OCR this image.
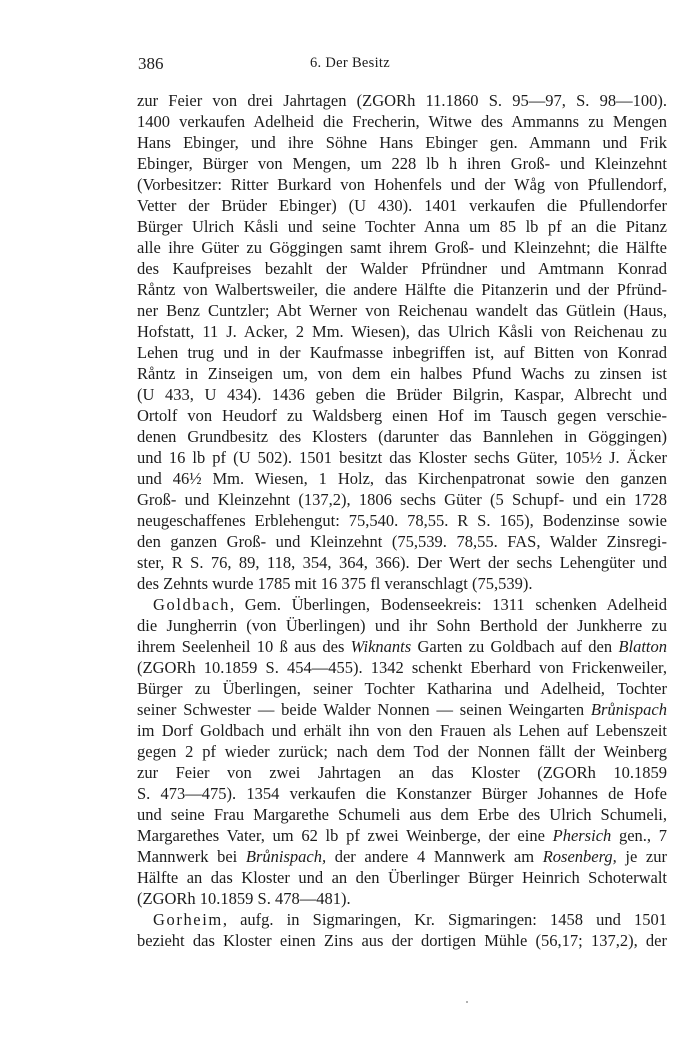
386	6. Der Besitz
zur Feier von drei Jahrtagen (ZGORh 11.1860 S. 95—97, S. 98—100).
1400 verkaufen Adelheid die Frecherin, Witwe des Ammanns zu Mengen
Hans Ebinger, und ihre Söhne Hans Ebinger gen. Ammann und Frik
Ebinger, Bürger von Mengen, um 228 lb h ihren Groß- und Kleinzehnt
(Vorbesitzer: Ritter Burkard von Hohenfels und der Wåg von Pfullendorf,
Vetter der Brüder Ebinger) (U 430). 1401 verkaufen die Pfullendorfer
Bürger Ulrich Kåsli und seine Tochter Anna um 85 lb pf an die Pitanz
alle ihre Güter zu Göggingen samt ihrem Groß- und Kleinzehnt; die Hälfte
des Kaufpreises bezahlt der Walder Pfründner und Amtmann Konrad
Råntz von Walbertsweiler, die andere Hälfte die Pitanzerin und der Pfründ-
ner Benz Cuntzler; Abt Werner von Reichenau wandelt das Gütlein (Haus,
Hofstatt, 11 J. Acker, 2 Mm. Wiesen), das Ulrich Kåsli von Reichenau zu
Lehen trug und in der Kaufmasse inbegriffen ist, auf Bitten von Konrad
Råntz in Zinseigen um, von dem ein halbes Pfund Wachs zu zinsen ist
(U 433, U 434). 1436 geben die Brüder Bilgrin, Kaspar, Albrecht und
Ortolf von Heudorf zu Waldsberg einen Hof im Tausch gegen verschie-
denen Grundbesitz des Klosters (darunter das Bannlehen in Göggingen)
und 16 lb pf (U 502). 1501 besitzt das Kloster sechs Güter, 105½ J. Äcker
und 46½ Mm. Wiesen, 1 Holz, das Kirchenpatronat sowie den ganzen
Groß- und Kleinzehnt (137,2), 1806 sechs Güter (5 Schupf- und ein 1728
neugeschaffenes Erblehengut: 75,540. 78,55. R S. 165), Bodenzinse sowie
den ganzen Groß- und Kleinzehnt (75,539. 78,55. FAS, Walder Zinsregi-
ster, R S. 76, 89, 118, 354, 364, 366). Der Wert der sechs Lehengüter und
des Zehnts wurde 1785 mit 16 375 fl veranschlagt (75,539).
Goldbach, Gem. Überlingen, Bodenseekreis: 1311 schenken Adelheid
die Jungherrin (von Überlingen) und ihr Sohn Berthold der Junkherre zu
ihrem Seelenheil 10 ß aus des Wiknants Garten zu Goldbach auf den Blatton
(ZGORh 10.1859 S. 454—455). 1342 schenkt Eberhard von Frickenweiler,
Bürger zu Überlingen, seiner Tochter Katharina und Adelheid, Tochter
seiner Schwester — beide Walder Nonnen — seinen Weingarten Brůnispach
im Dorf Goldbach und erhält ihn von den Frauen als Lehen auf Lebenszeit
gegen 2 pf wieder zurück; nach dem Tod der Nonnen fällt der Weinberg
zur Feier von zwei Jahrtagen an das Kloster (ZGORh 10.1859
S. 473—475). 1354 verkaufen die Konstanzer Bürger Johannes de Hofe
und seine Frau Margarethe Schumeli aus dem Erbe des Ulrich Schumeli,
Margarethes Vater, um 62 lb pf zwei Weinberge, der eine Phersich gen., 7
Mannwerk bei Brůnispach, der andere 4 Mannwerk am Rosenberg, je zur
Hälfte an das Kloster und an den Überlinger Bürger Heinrich Schoterwalt
(ZGORh 10.1859 S. 478—481).
Gorheim, aufg. in Sigmaringen, Kr. Sigmaringen: 1458 und 1501
bezieht das Kloster einen Zins aus der dortigen Mühle (56,17; 137,2), der
